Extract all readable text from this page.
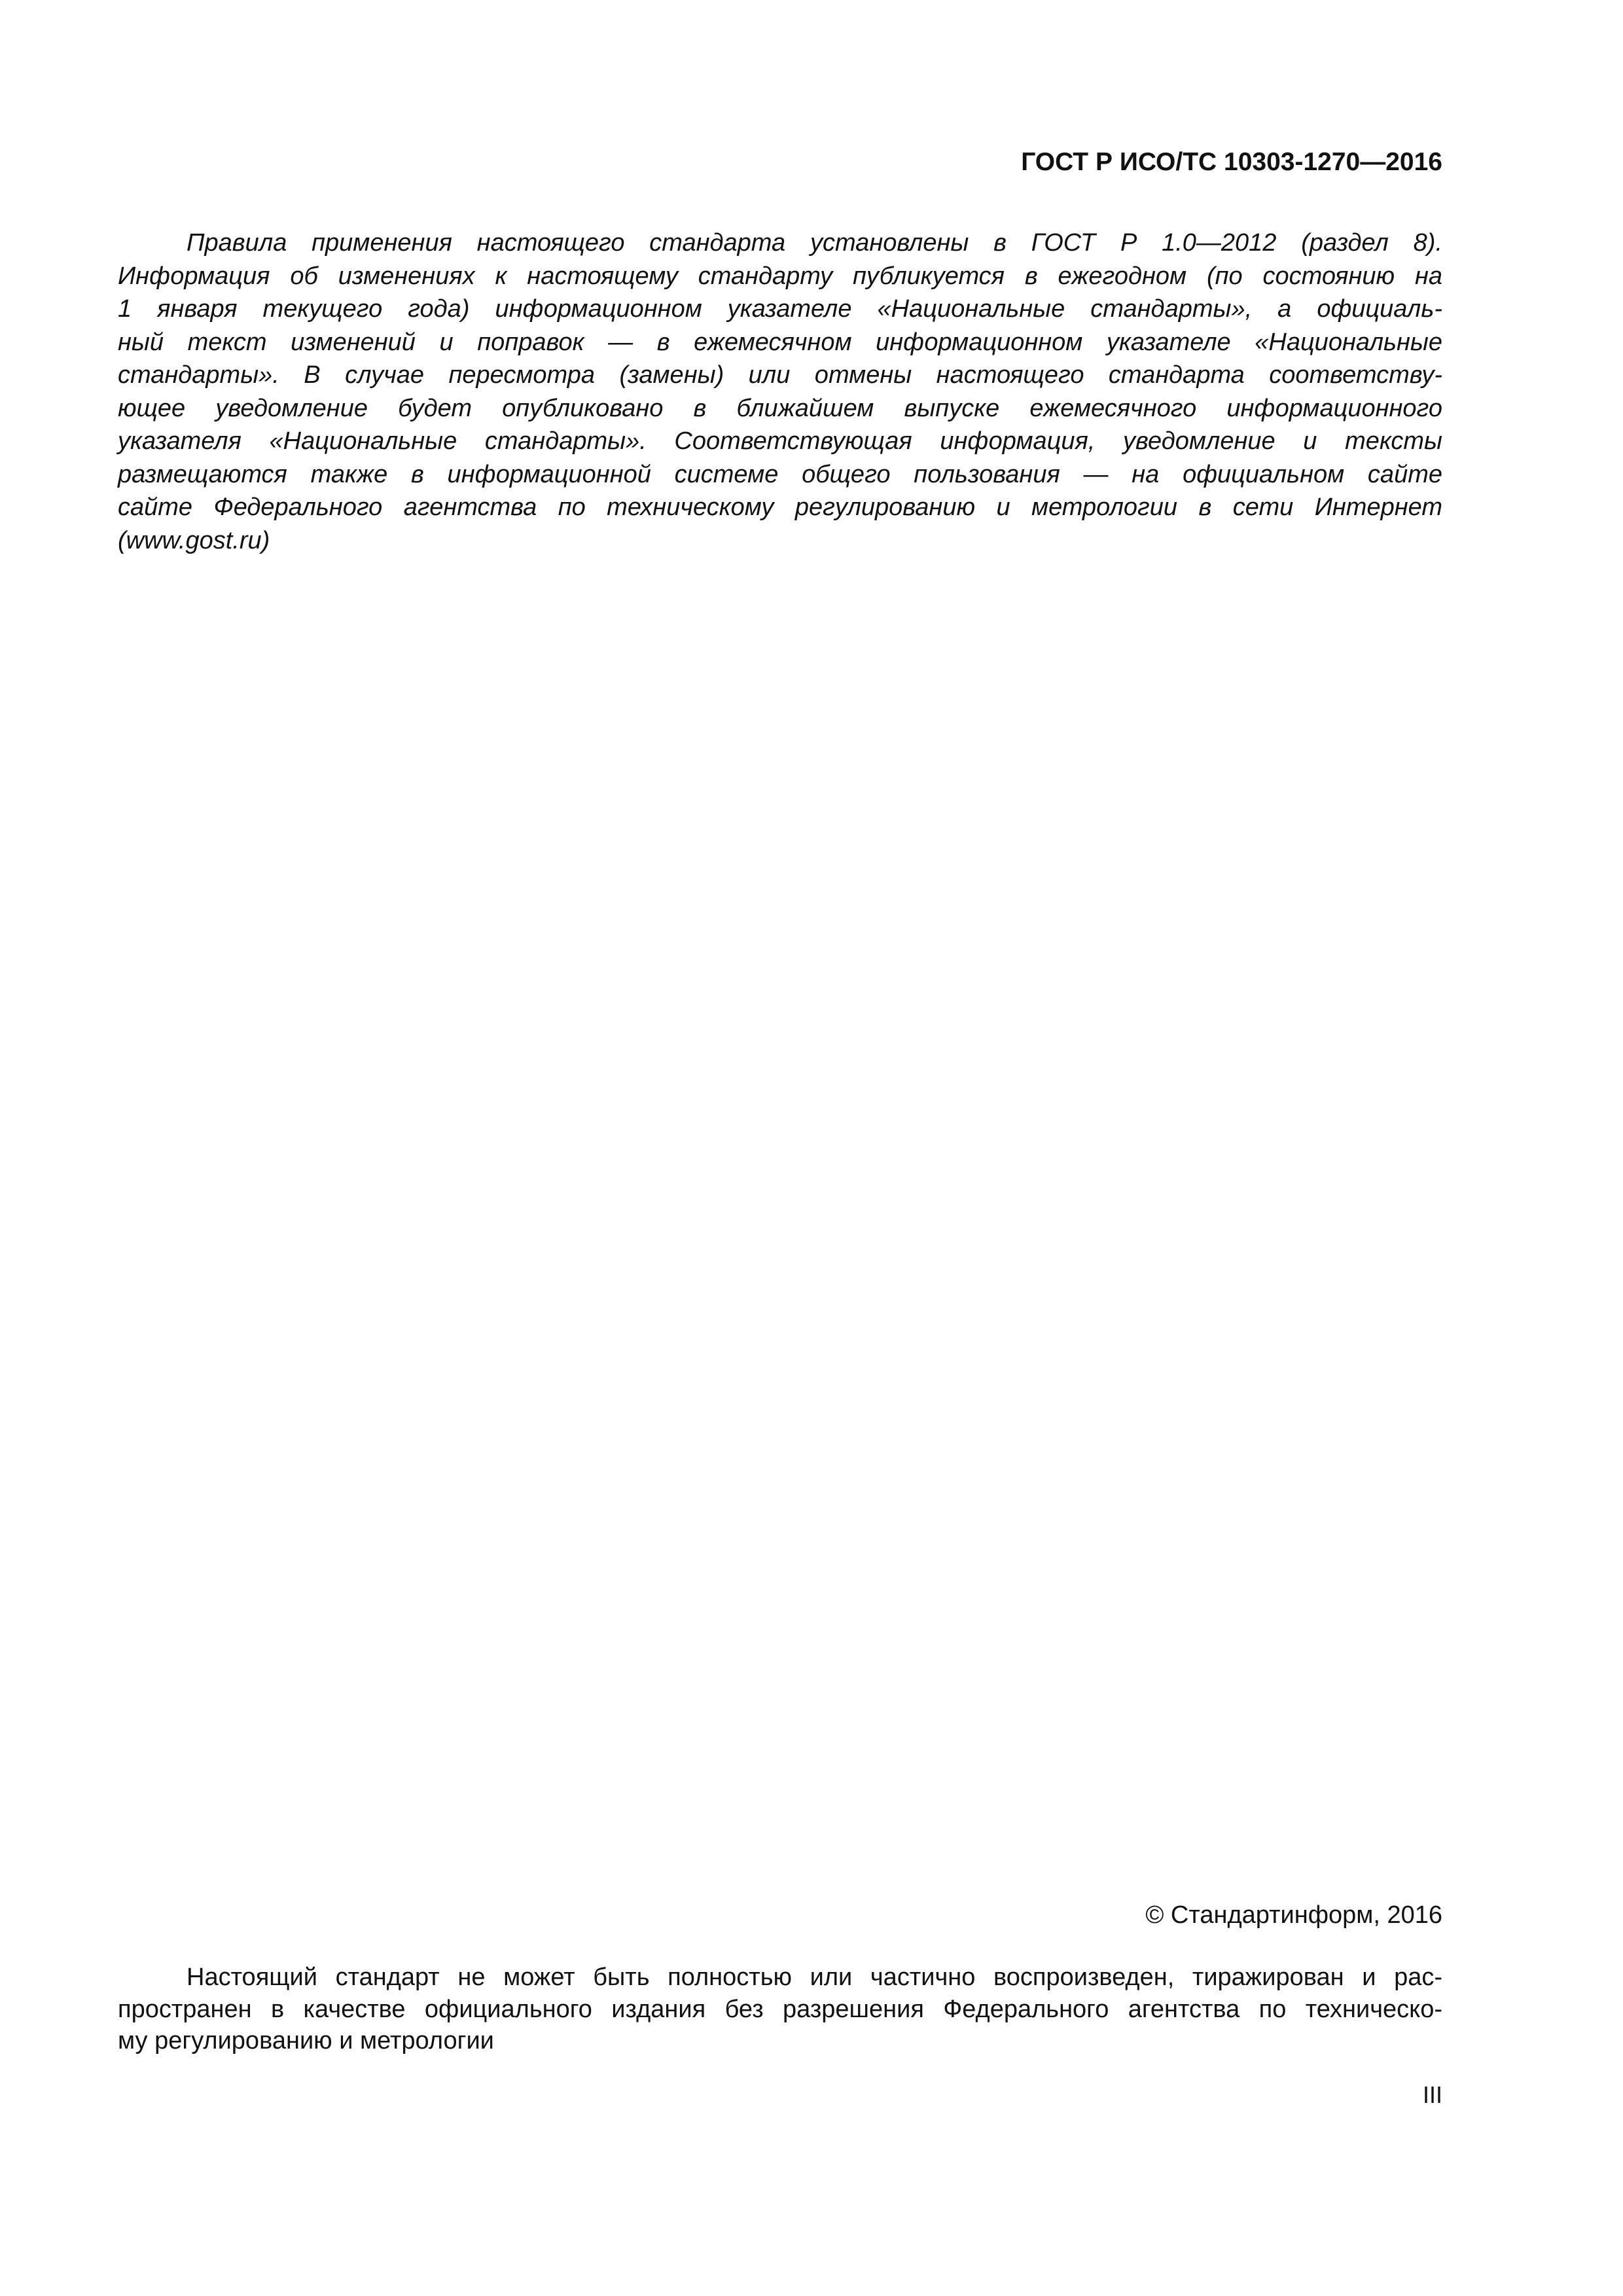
ГОСТ Р ИСО/ТС 10303-1270—2016
Правила применения настоящего стандарта установлены в ГОСТ Р 1.0—2012 (раздел 8).
Информация об изменениях к настоящему стандарту публикуется в ежегодном (по состоянию на
1 января текущего года) информационном указателе «Национальные стандарты», а официаль-
ный текст изменений и поправок — в ежемесячном информационном указателе «Национальные
стандарты». В случае пересмотра (замены) или отмены настоящего стандарта соответству-
ющее уведомление будет опубликовано в ближайшем выпуске ежемесячного информационного
указателя «Национальные стандарты». Соответствующая информация, уведомление и тексты
размещаются также в информационной системе общего пользования — на официальном сайте
сайте Федерального агентства по техническому регулированию и метрологии в сети Интернет
(www.gost.ru)
© Стандартинформ, 2016
Настоящий стандарт не может быть полностью или частично воспроизведен, тиражирован и рас-
пространен в качестве официального издания без разрешения Федерального агентства по техническо-
му регулированию и метрологии
III
